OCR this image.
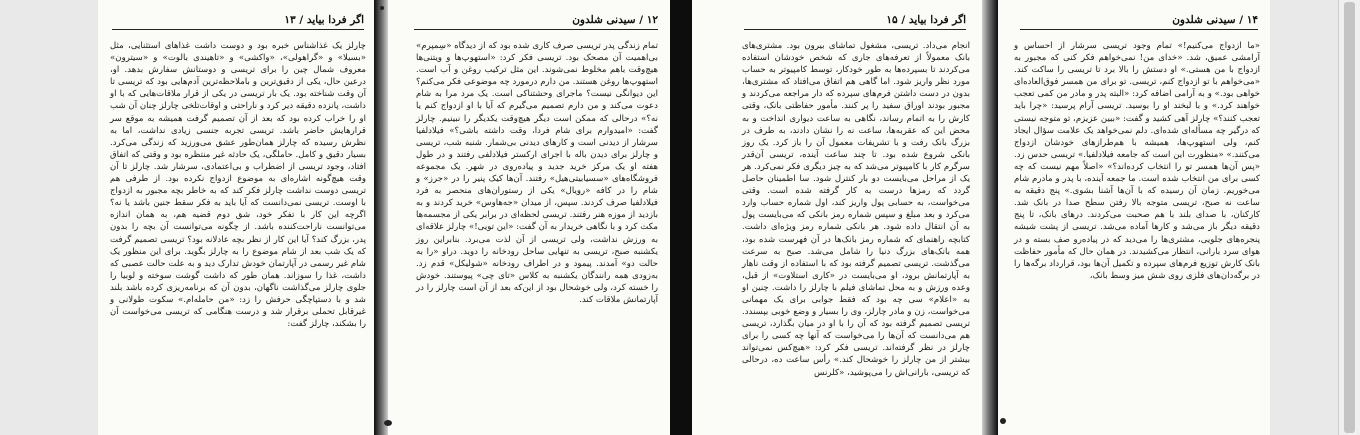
اگر فردا بیاید / ۱۳

چارلز یک غذاشناس خبره بود و دوست داشت غذاهای استثنایی، مثل «بسیلا» و «گراهولی»، «واکشی» و «تاهیندی بالوت» و «سیترون» معروف شمال چین را برای تریسی و دوستانش سفارش بدهد. او، درعین حال، یکی از دقیق‌ترین و باملاحظه‌ترین آدم‌هایی بود که تریسی تا آن وقت شناخته بود. یک بار تریسی در یکی از قرار ملاقات‌هایی که با او داشت، پانزده دقیقه دیر کرد و ناراحتی و اوقات‌تلخی چارلز چنان آن شب او را خراب کرده بود که بعد از آن تصمیم گرفت همیشه به موقع سر قرارهایش حاضر باشد. تریسی تجربه جنسی زیادی نداشت، اما به نظرش رسیده که چارلز همان‌طور عشق می‌ورزید که زندگی می‌کرد. بسیار دقیق و کامل. حاملگی، یک حادثه غیر منتظره بود و وقتی که اتفاق افتاد، وجود تریسی از اضطراب و بی‌اعتمادی، سرشار شد. چارلز تا آن وقت هیچ‌گونه اشاره‌ای به موضوع ازدواج نکرده بود. از طرفی هم تریسی دوست نداشت چارلز فکر کند که به خاطر بچه مجبور به ازدواج با اوست. تریسی نمی‌دانست که آیا باید به فکر سقط جنین باشد یا نه؟ اگرچه این کار با تفکر خود، شق دوم قضیه هم، به همان اندازه می‌توانست ناراحت‌کننده باشد. از چگونه می‌توانست آن بچه را بدون پدر، بزرگ کند؟ آیا این کار از نظر بچه عادلانه بود؟ تریسی تصمیم گرفت که یک شب بعد از شام موضوع را به چارلز بگوید. برای این منظور یک شام غیر رسمی در آپارتمان خودش تدارک دید و به علت حالت عصبی که داشت، غذا را سوزاند. همان طور که داشت گوشت سوخته و لوبیا را جلوی چارلز می‌گذاشت ناگهان، بدون آن که برنامه‌ریزی کرده باشد بلند شد و با دستپاچگی حرفش را زد: «من حامله‌ام.» سکوت طولانی و غیرقابل تحملی برقرار شد و درست هنگامی که تریسی می‌خواست آن را بشکند، چارلز گفت:

۱۲ / سیدنی شلدون

تمام زندگی پدر تریسی صرف کاری شده بود که از دیدگاه «سِمپرم» بی‌اهمیت آن مصحک بود. تریسی فکر کرد: «استهوپ‌ها و ویتنی‌ها هیچ‌وقت باهم مخلوط نمی‌شوند. این مثل ترکیب روغن و آب است. استهوپ‌ها روغن هستند. من دارم درمورد چه موضوعی فکر می‌کنم؟ این دیوانگی نیست؟ ماجرای وحشتناکی است. یک مرد مرا به شام دعوت می‌کند و من دارم تصمیم می‌گیرم که آیا با او ازدواج کنم یا نه؟» درحالی که ممکن است دیگر هیچ‌وقت یکدیگر را نبینیم. چارلز گفت: «امیدوارم برای شام فردا، وقت داشته باشی؟» فیلادلفیا سرشار از دیدنی است و کارهای دیدنی بی‌شمار. شنبه شب، تریسی و چارلز برای دیدن باله با اجرای ارکستر فیلادلفی رفتند و در طول هفته او یک مرکز خرید جدید و پیاده‌روی در شهر. یک مجموعه فروشگاه‌های «سسیابیتی‌هیل» رفتند. آن‌ها کیک پنیر را در «جرز» و شام را در کافه «رویال» یکی از رستوران‌های منحصر به فرد فیلادلفیا صرف کردند. سپس، از میدان «جه‌هاوس» خرید کردند و به بازدید از موزه هنر رفتند. تریسی لحظه‌ای در برابر یکی از مجسمه‌ها مکث کرد و با نگاهی خریدار به آن گفت: «این تویی!» چارلز علاقه‌ای به ورزش نداشت، ولی تریسی از آن لذت می‌برد. بنابراین روز یکشنبه صبح، تریسی به تنهایی ساحل رودخانه را دوید. دراو «را به حالت دو» آمدند. پیمود و در اطراف رودخانه «شولیکل» قدم زد. به‌زودی همه رانندگان یکشنبه به کلاس «تای چی» پیوستند. خودش را خسته کرد، ولی خوشحال بود از این‌که بعد از آن است چارلز را در آپارتمانش ملاقات کند.

اگر فردا بیاید / ۱۵

انجام می‌داد. تریسی، مشغول تماشای بیرون بود. مشتری‌های بانک معمولاً از تعرفه‌های جاری که شخص خودشان استفاده می‌کردند تا بسپرده‌ها به طور خودکار، توسط کامپیوتر به حساب مورد نظر واریز شود. اما گاهی هم اتفاق می‌افتاد که مشتری‌ها، بدون در دست داشتن فرم‌های سپرده که دار مراجعه می‌کردند و مجبور بودند اوراق سفید را پر کنند. مأمور حفاظتی بانک، وقتی کارش را به اتمام رساند، نگاهی به ساعت دیواری انداخت و به محض این که عقربه‌ها، ساعت نه را نشان دادند، به طرف در بزرگ بانک رفت و با تشریفات معمول آن را باز کرد. یک روز بانکی شروع شده بود. تا چند ساعت آینده، تریسی آن‌قدر سرگرم کار با کامپیوتر می‌شد که به چیز دیگری فکر نمی‌کرد. هر یک از مراحل می‌بایست دو بار کنترل شود. سا اطمینان حاصل گردد که رمزها درست به کار گرفته شده است. وقتی می‌خواست، به حسابی پول واریز کند، اول شماره حساب وارد می‌کرد و بعد مبلغ و سپس شماره رمز بانکی که می‌بایست پول به آن انتقال داده شود. هر بانکی شماره رمز ویژه‌ای داشت. کتابچه راهنمای که شماره رمز بانک‌ها در آن فهرست شده بود، همه بانک‌های بزرگ دنیا را شامل می‌شد. صبح به سرعت می‌گذشت. تریسی تصمیم گرفته بود که با استفاده از وقت ناهار به آپارتمانش برود، او می‌بایست در «کاری استلاوت» از قبل، وعده ورزش و به محل تماشای فیلم با چارلز را داشت. چنین او به «اعلام» سی چه بود که فقط جوابی برای یک مهمانی می‌خواست، زن و مادر چارلز، وی را بسیار و وضع خوبی بپسندد. تریسی تصمیم گرفته بود که آن را با او در میان بگذارد، تریسی هم می‌دانست که آن‌ها را می‌خواست که آنها چه کسی را برای چارلز در نظر گرفته‌اند. تریسی فکر کرد: «هیچ‌کس نمی‌تواند بیشتر از من چارلز را خوشحال کند.» رأس ساعت ده، درحالی که تریسی، بارانی‌اش را می‌پوشید، «کلرنس

۱۴ / سیدنی شلدون

«ما ازدواج می‌کنیم!» تمام وجود تریسی سرشار از احساس و آرامشی عمیق، شد. «خدای من! نمی‌خواهم فکر کنی که مجبور به ازدواج با من هستی.» او دستش را بالا برد تا تریسی را ساکت کند. «می‌خواهم با تو ازدواج کنم، تریسی. تو برای من همسر فوق‌العاده‌ای خواهی بود.» و به آرامی اضافه کرد: «البته پدر و مادر من کمی تعجب خواهند کرد.» و با لبخند او را بوسید. تریسی آرام پرسید: «چرا باید تعجب کنند؟» چارلز آهی کشید و گفت: «ببین عزیزم، تو متوجه نیستی که درگیر چه مسأله‌ای شده‌ای. دلم نمی‌خواهد یک علامت سؤال ایجاد کنم، ولی استهوپ‌ها، همیشه با هم‌طرازهای خودشان ازدواج می‌کنند.» «منظورت این است که جامعه فیلادلفیا.» تریسی حدس زد. «پس آن‌ها همسر تو را انتخاب کرده‌اند؟» «اصلاً مهم نیست که چه کسی برای من انتخاب شده است. ما جمعه آینده، با پدر و مادرم شام می‌خوریم. زمان آن رسیده که با آن‌ها آشنا بشوی.» پنج دقیقه به ساعت نه صبح، تریسی متوجه بالا رفتن سطح صدا در بانک شد. کارکنان، با صدای بلند با هم صحبت می‌کردند. درهای بانک، تا پنج دقیقه دیگر باز می‌شد و کارها آماده می‌شد. تریسی از پشت شیشه پنجره‌های جلویی، مشتری‌ها را می‌دید که در پیاده‌رو صف بسته و در هوای سرد بارانی، انتظار می‌کشیدند. در همان حال که مأمور حفاظت بانک کارش توزیع فرم‌های سپرده و تکمیل آن‌ها بود، قرارداد برگه‌ها را در برگه‌دان‌های فلزی روی شش میز وسط بانک،
